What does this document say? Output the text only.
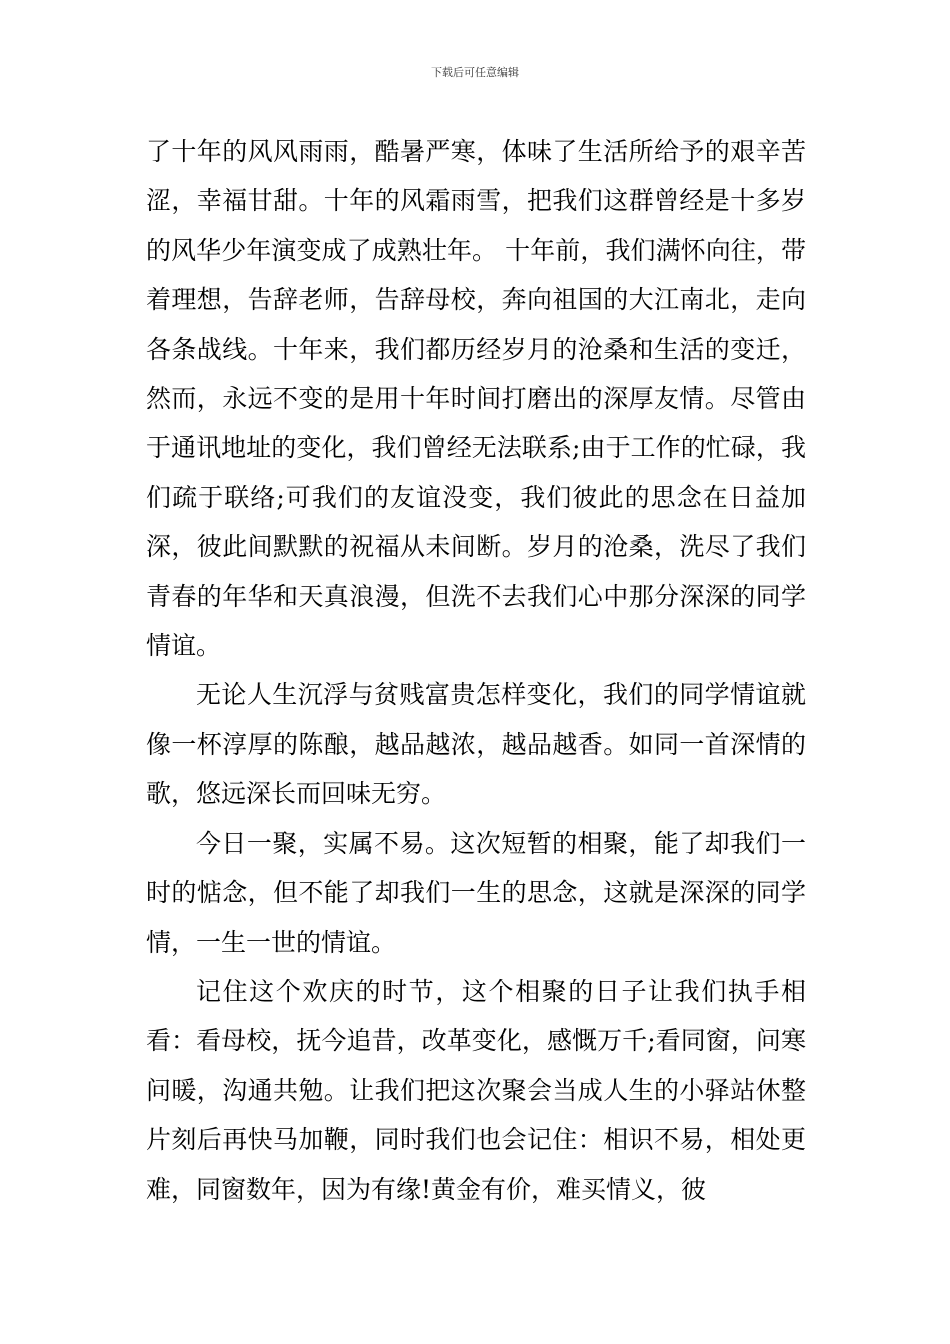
下载后可任意编辑

了十年的风风雨雨，酷暑严寒，体味了生活所给予的艰辛苦涩，幸福甘甜。十年的风霜雨雪，把我们这群曾经是十多岁的风华少年演变成了成熟壮年。 十年前，我们满怀向往，带着理想，告辞老师，告辞母校，奔向祖国的大江南北，走向各条战线。十年来，我们都历经岁月的沧桑和生活的变迁，然而，永远不变的是用十年时间打磨出的深厚友情。尽管由于通讯地址的变化，我们曾经无法联系;由于工作的忙碌，我们疏于联络;可我们的友谊没变，我们彼此的思念在日益加深，彼此间默默的祝福从未间断。岁月的沧桑，洗尽了我们青春的年华和天真浪漫，但洗不去我们心中那分深深的同学情谊。

无论人生沉浮与贫贱富贵怎样变化，我们的同学情谊就像一杯淳厚的陈酿，越品越浓，越品越香。如同一首深情的歌，悠远深长而回味无穷。

今日一聚，实属不易。这次短暂的相聚，能了却我们一时的惦念，但不能了却我们一生的思念，这就是深深的同学情，一生一世的情谊。

记住这个欢庆的时节，这个相聚的日子让我们执手相看：看母校，抚今追昔，改革变化，感慨万千;看同窗，问寒问暖，沟通共勉。让我们把这次聚会当成人生的小驿站休整片刻后再快马加鞭，同时我们也会记住：相识不易，相处更难，同窗数年，因为有缘!黄金有价，难买情义，彼
